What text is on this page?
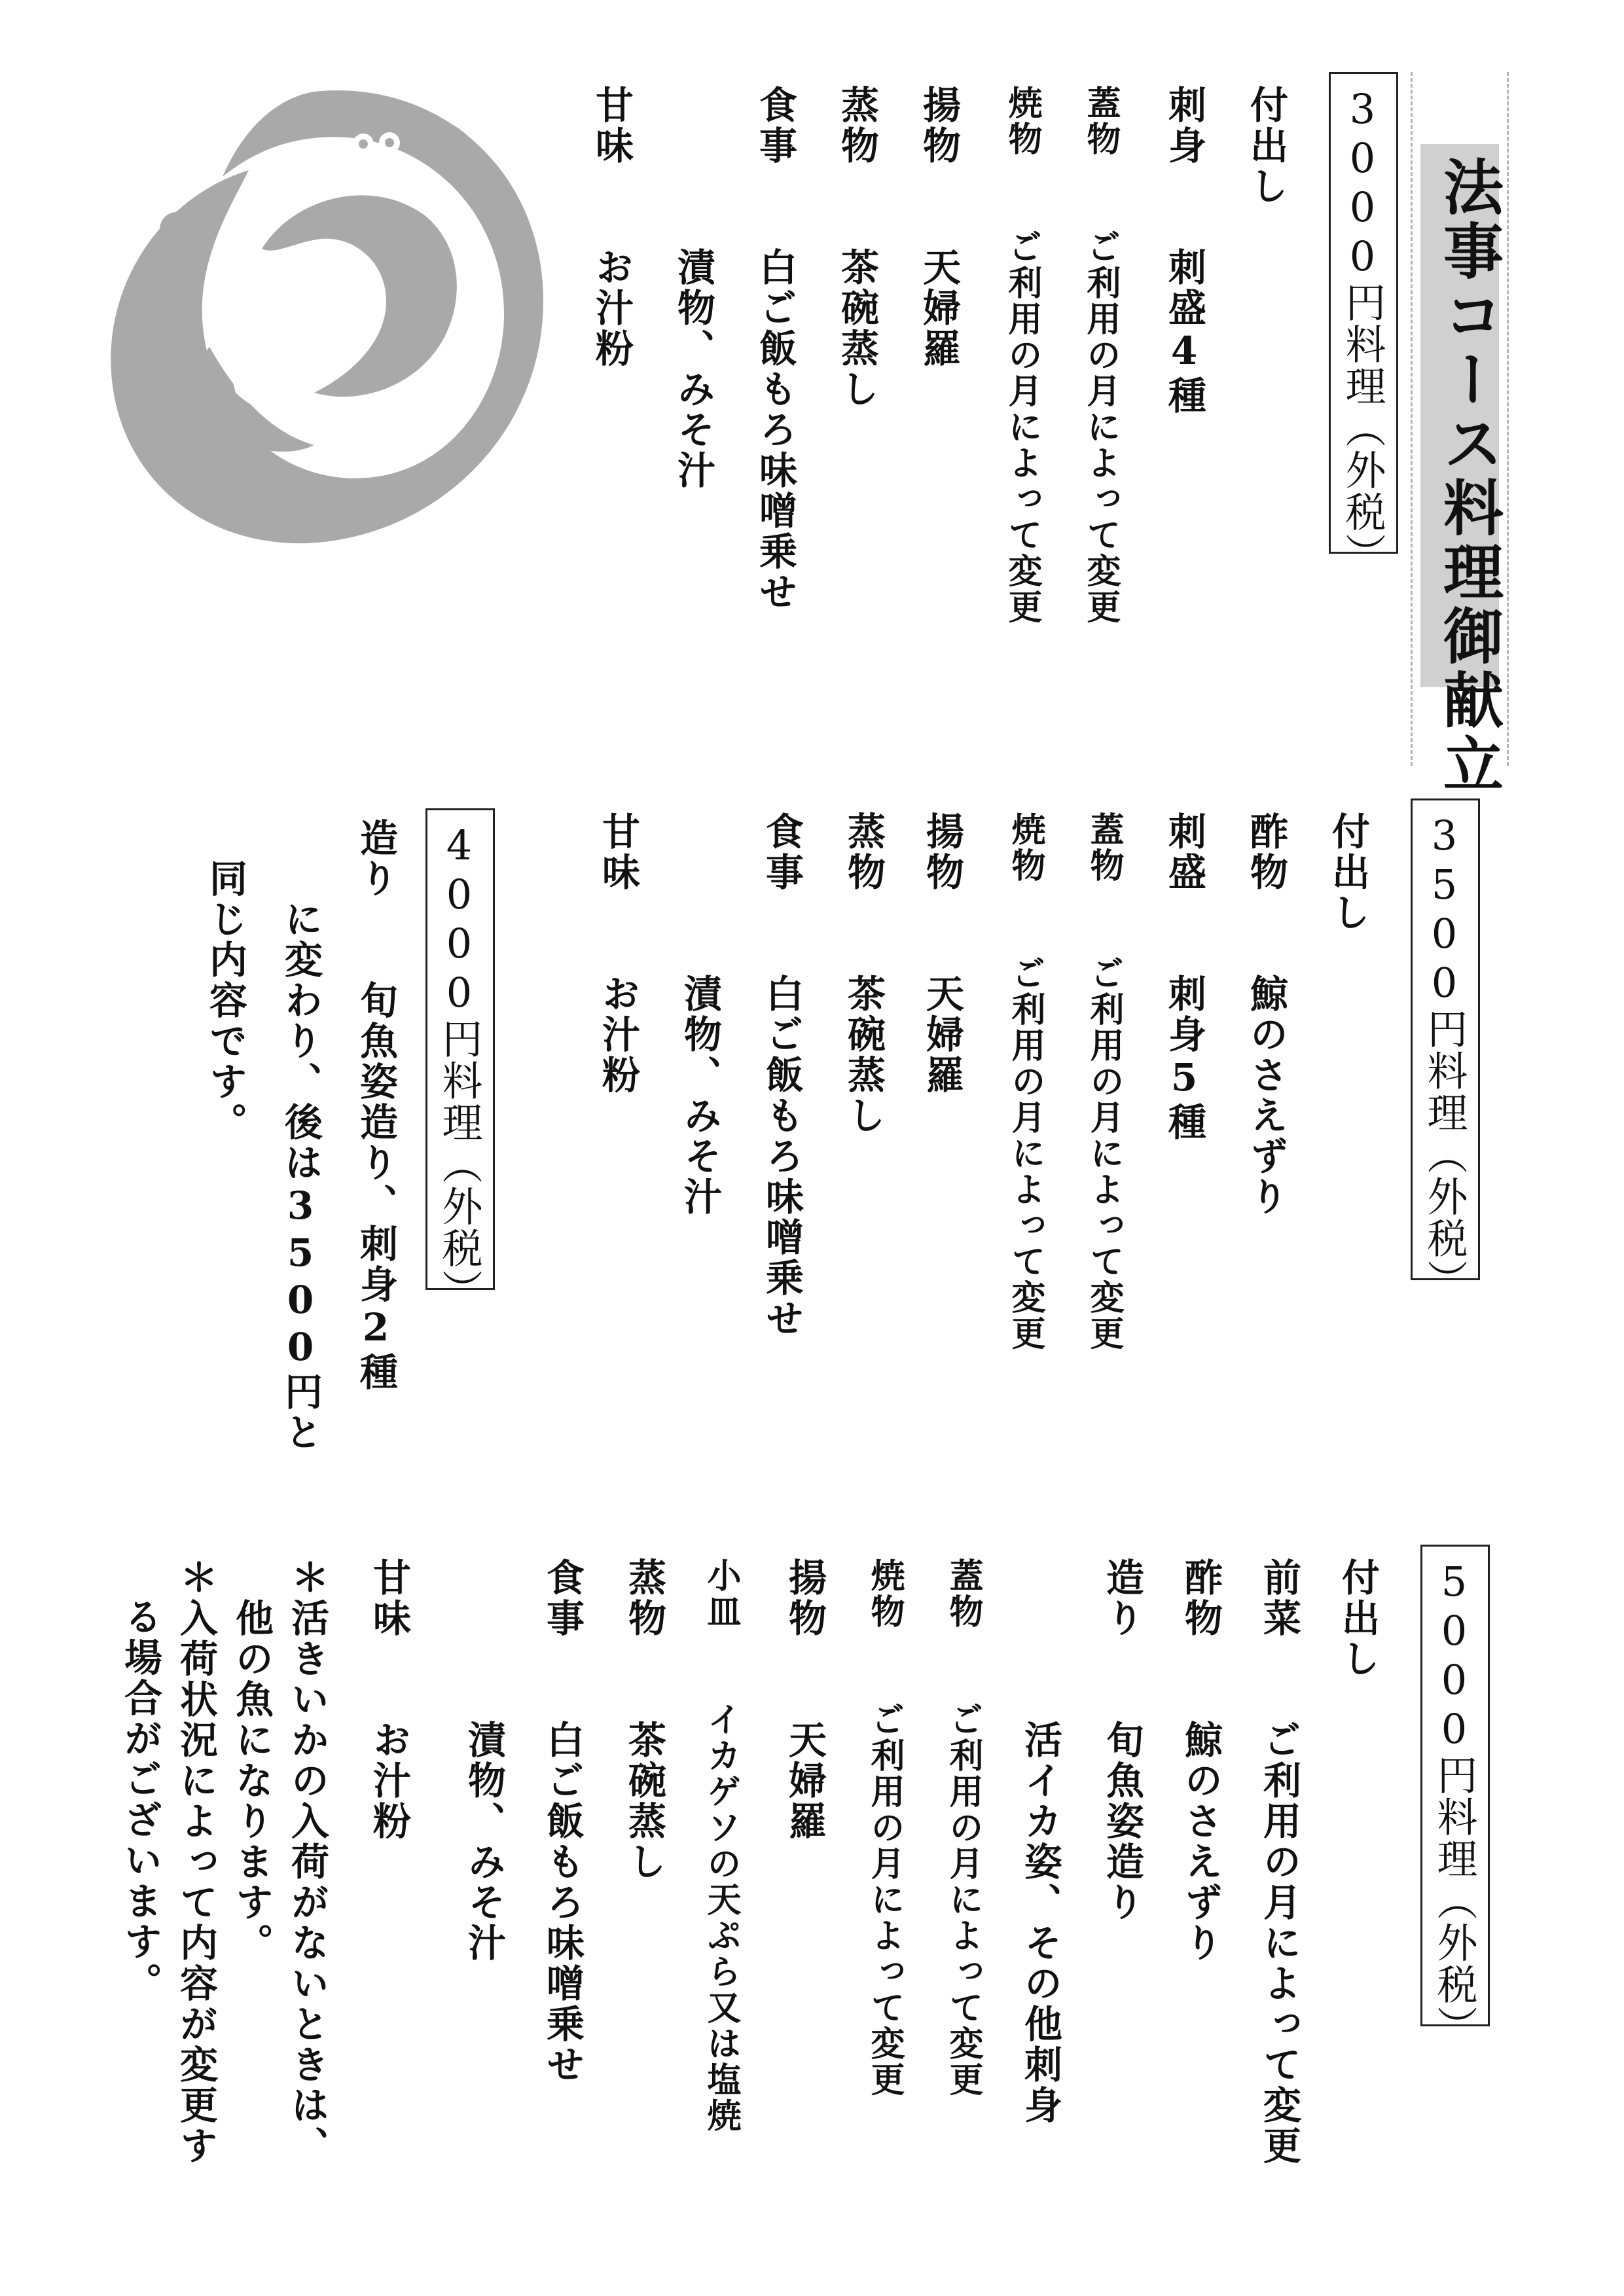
法事コース料理御献立
3000円料理（外税）
付出し
刺身　　刺盛4種
蓋物　　ご利用の月によって変更
焼物　　ご利用の月によって変更
揚物　　天婦羅
蒸物　　茶碗蒸し
食事　　白ご飯もろ味噌乗せ
　　　　漬物、みそ汁
甘味　　お汁粉
3500円料理（外税）
付出し
酢物　　鯨のさえずり
刺盛　　刺身5種
蓋物　　ご利用の月によって変更
焼物　　ご利用の月によって変更
揚物　　天婦羅
蒸物　　茶碗蒸し
食事　　白ご飯もろ味噌乗せ
　　　　漬物、みそ汁
甘味　　お汁粉
4000円料理（外税）
造り　　旬魚姿造り、刺身2種
　　に変わり、後は3500円と
　同じ内容です。
5000円料理（外税）
付出し
前菜　　ご利用の月によって変更
酢物　　鯨のさえずり
造り　　旬魚姿造り
　　　　活イカ姿、その他刺身
蓋物　　ご利用の月によって変更
焼物　　ご利用の月によって変更
揚物　　天婦羅
小皿　　イカゲソの天ぷら又は塩焼
蒸物　　茶碗蒸し
食事　　白ご飯もろ味噌乗せ
　　　　漬物、みそ汁
甘味　　お汁粉
＊活きいかの入荷がないときは、
　他の魚になります。
＊入荷状況によって内容が変更す
る場合がございます。
